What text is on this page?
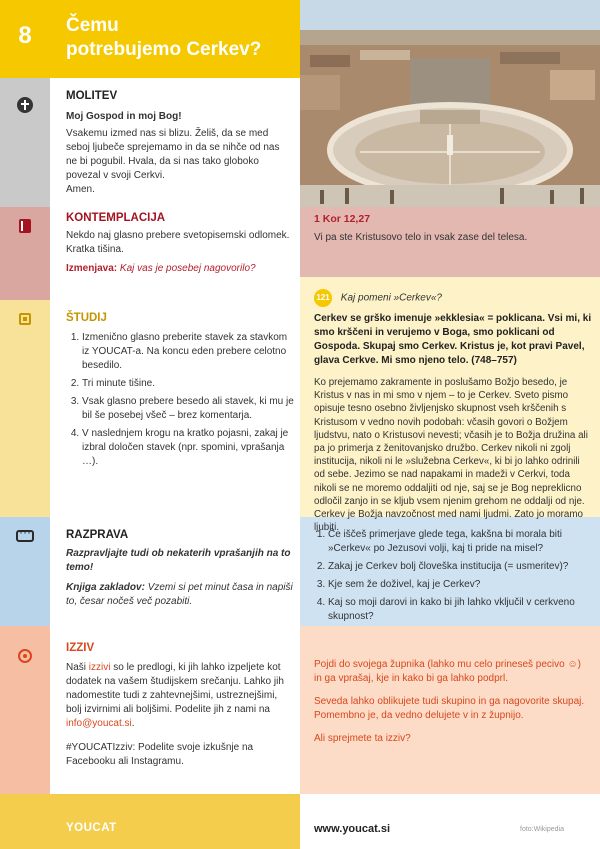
8	Čemu
potrebujemo Cerkev?
···
MOLITEV
Moj Gospod in moj Bog!
Vsakemu izmed nas si blizu. Želiš, da se med seboj ljubeče sprejemamo in da se nihče od nas ne bi pogubil. Hvala, da si nas tako globoko povezal v svoji Cerkvi.
Amen.
KONTEMPLACIJA
Nekdo naj glasno prebere svetopisemski odlomek. Kratka tišina.
Izmenjava: Kaj vas je posebej nagovorilo?
1 Kor 12,27
Vi pa ste Kristusovo telo in vsak zase del telesa.
ŠTUDIJ
1. Izmenično glasno preberite stavek za stavkom iz YOUCAT-a. Na koncu eden prebere celotno besedilo.
2. Tri minute tišine.
3. Vsak glasno prebere besedo ali stavek, ki mu je bil še posebej všeč – brez komentarja.
4. V naslednjem krogu na kratko pojasni, zakaj je izbral določen stavek (npr. spomini, vprašanja …).
121 Kaj pomeni »Cerkev«?
Cerkev se grško imenuje »ekklesia« = poklicana. Vsi mi, ki smo krščeni in verujemo v Boga, smo poklicani od Gospoda. Skupaj smo Cerkev. Kristus je, kot pravi Pavel, glava Cerkve. Mi smo njeno telo. (748–757)
Ko prejemamo zakramente in poslušamo Božjo besedo, je Kristus v nas in mi smo v njem – to je Cerkev. Sveto pismo opisuje tesno osebno življenjsko skupnost vseh krščenih s Kristusom v vedno novih podobah: včasih govori o Božjem ljudstvu, nato o Kristusovi nevesti; včasih je to Božja družina ali pa jo primerja z ženitovanjsko družbo. Cerkev nikoli ni zgolj institucija, nikoli ni le »služebna Cerkev«, ki bi jo lahko odrinili od sebe. Jezimo se nad napakami in madeži v Cerkvi, toda nikoli se ne moremo oddaljiti od nje, saj se je Bog nepreklicno odločil zanjo in se kljub vsem njenim grehom ne oddalji od nje. Cerkev je Božja navzočnost med nami ljudmi. Zato jo moramo ljubiti.
RAZPRAVA
Razpravljajte tudi ob nekaterih vprašanjih na to temo!
Knjiga zakladov: Vzemi si pet minut časa in napiši to, česar nočeš več pozabiti.
1. Če iščeš primerjave glede tega, kakšna bi morala biti »Cerkev« po Jezusovi volji, kaj ti pride na misel?
2. Zakaj je Cerkev bolj človeška institucija (= usmeritev)?
3. Kje sem že doživel, kaj je Cerkev?
4. Kaj so moji darovi in kako bi jih lahko vključil v cerkveno skupnost?
IZZIV
Naši izzivi so le predlogi, ki jih lahko izpeljete kot dodatek na vašem študijskem srečanju. Lahko jih nadomestite tudi z zahtevnejšimi, ustreznejšimi, bolj izvirnimi ali boljšimi. Podelite jih z nami na info@youcat.si.
#YOUCATIzziv: Podelite svoje izkušnje na Facebooku ali Instagramu.
Pojdi do svojega župnika (lahko mu celo prineseš pecivo ☺) in ga vprašaj, kje in kako bi ga lahko podprl.
Seveda lahko oblikujete tudi skupino in ga nagovorite skupaj. Pomembno je, da vedno delujete v in z župnijo.
Ali sprejmete ta izziv?
YOUCAT	www.youcat.si	foto:Wikipedia
